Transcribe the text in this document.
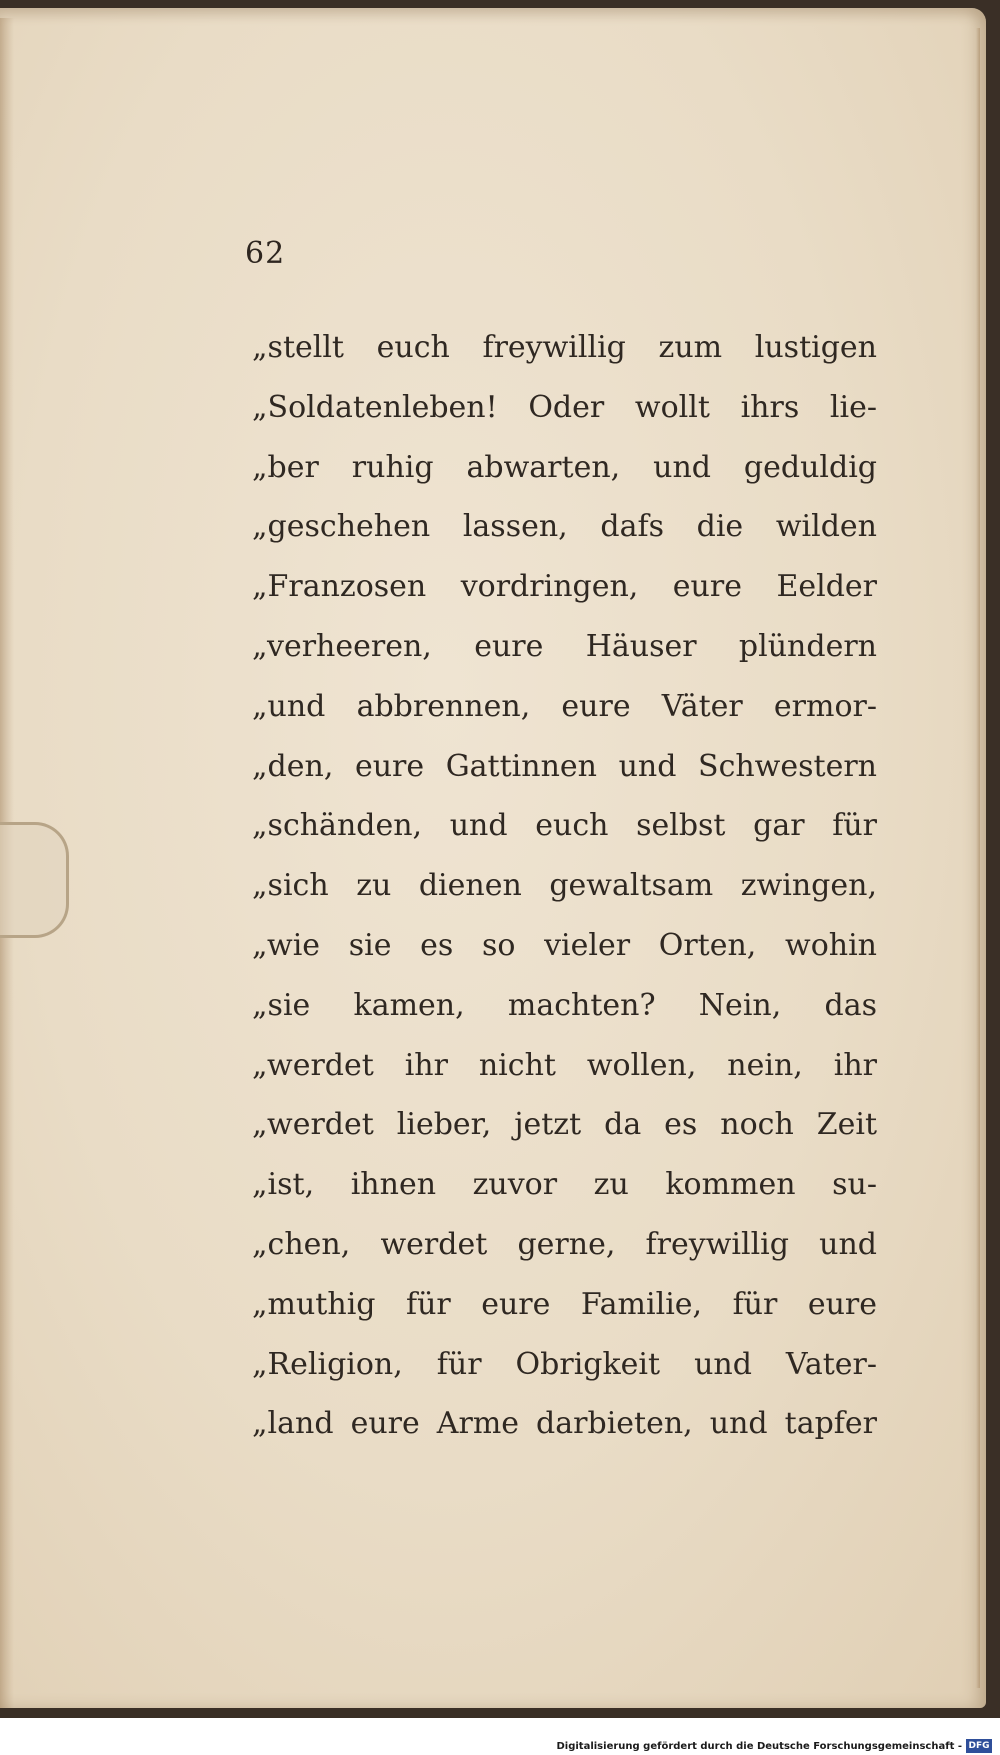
62
„stellt euch freywillig zum lustigen
„Soldatenleben! Oder wollt ihrs lie-
„ber ruhig abwarten, und geduldig
„geschehen lassen, dafs die wilden
„Franzosen vordringen, eure Eelder
„verheeren, eure Häuser plündern
„und abbrennen, eure Väter ermor-
„den, eure Gattinnen und Schwestern
„schänden, und euch selbst gar für
„sich zu dienen gewaltsam zwingen,
„wie sie es so vieler Orten, wohin
„sie kamen, machten? Nein, das
„werdet ihr nicht wollen, nein, ihr
„werdet lieber, jetzt da es noch Zeit
„ist, ihnen zuvor zu kommen su-
„chen, werdet gerne, freywillig und
„muthig für eure Familie, für eure
„Religion, für Obrigkeit und Vater-
„land eure Arme darbieten, und tapfer
Digitalisierung gefördert durch die Deutsche Forschungsgemeinschaft - DFG
